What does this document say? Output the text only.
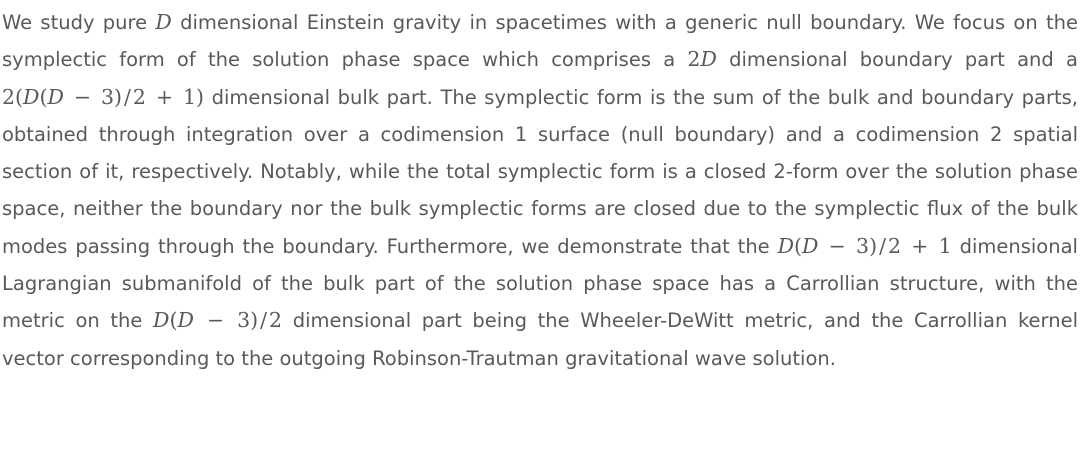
We study pure D dimensional Einstein gravity in spacetimes with a generic null boundary. We focus on the symplectic form of the solution phase space which comprises a 2D dimensional boundary part and a 2(D(D − 3)/2 + 1) dimensional bulk part. The symplectic form is the sum of the bulk and boundary parts, obtained through integration over a codimension 1 surface (null boundary) and a codimension 2 spatial section of it, respectively. Notably, while the total symplectic form is a closed 2-form over the solution phase space, neither the boundary nor the bulk symplectic forms are closed due to the symplectic flux of the bulk modes passing through the boundary. Furthermore, we demonstrate that the D(D − 3)/2 + 1 dimensional Lagrangian submanifold of the bulk part of the solution phase space has a Carrollian structure, with the metric on the D(D − 3)/2 dimensional part being the Wheeler-DeWitt metric, and the Carrollian kernel vector corresponding to the outgoing Robinson-Trautman gravitational wave solution.
